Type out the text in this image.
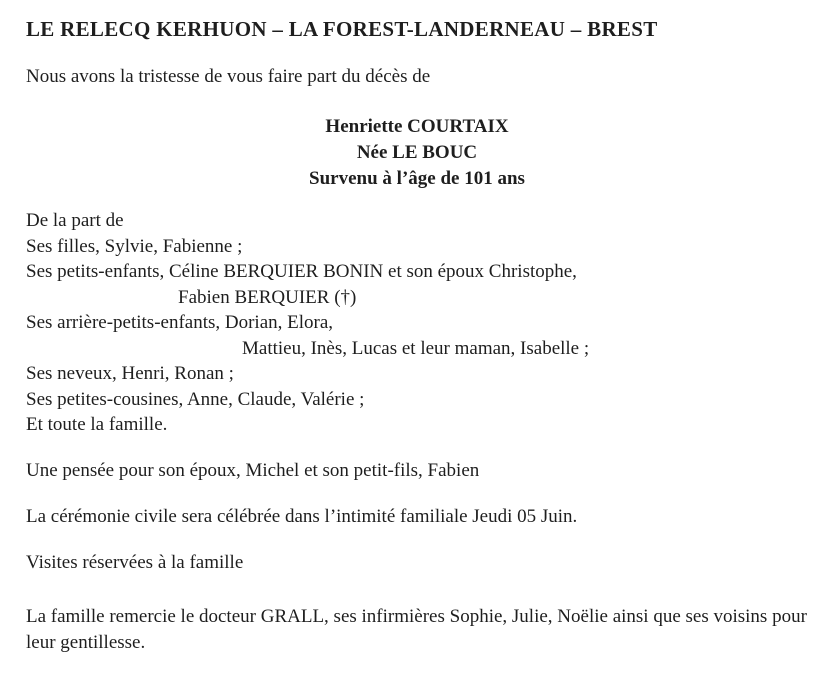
LE RELECQ KERHUON – LA FOREST-LANDERNEAU – BREST

Nous avons la tristesse de vous faire part du décès de

Henriette COURTAIX

Née LE BOUC

Survenu à l’âge de 101 ans

De la part de

Ses filles, Sylvie, Fabienne ;

Ses petits-enfants, Céline BERQUIER BONIN et son époux Christophe,

Fabien BERQUIER (†)

Ses arrière-petits-enfants, Dorian, Elora,

Mattieu, Inès, Lucas et leur maman, Isabelle ;

Ses neveux, Henri, Ronan ;

Ses petites-cousines, Anne, Claude, Valérie ;

Et toute la famille.

Une pensée pour son époux, Michel et son petit-fils, Fabien

La cérémonie civile sera célébrée dans l’intimité familiale Jeudi 05 Juin.

Visites réservées à la famille

La famille remercie le docteur GRALL, ses infirmières Sophie, Julie, Noëlie ainsi que ses voisins pour leur gentillesse.
